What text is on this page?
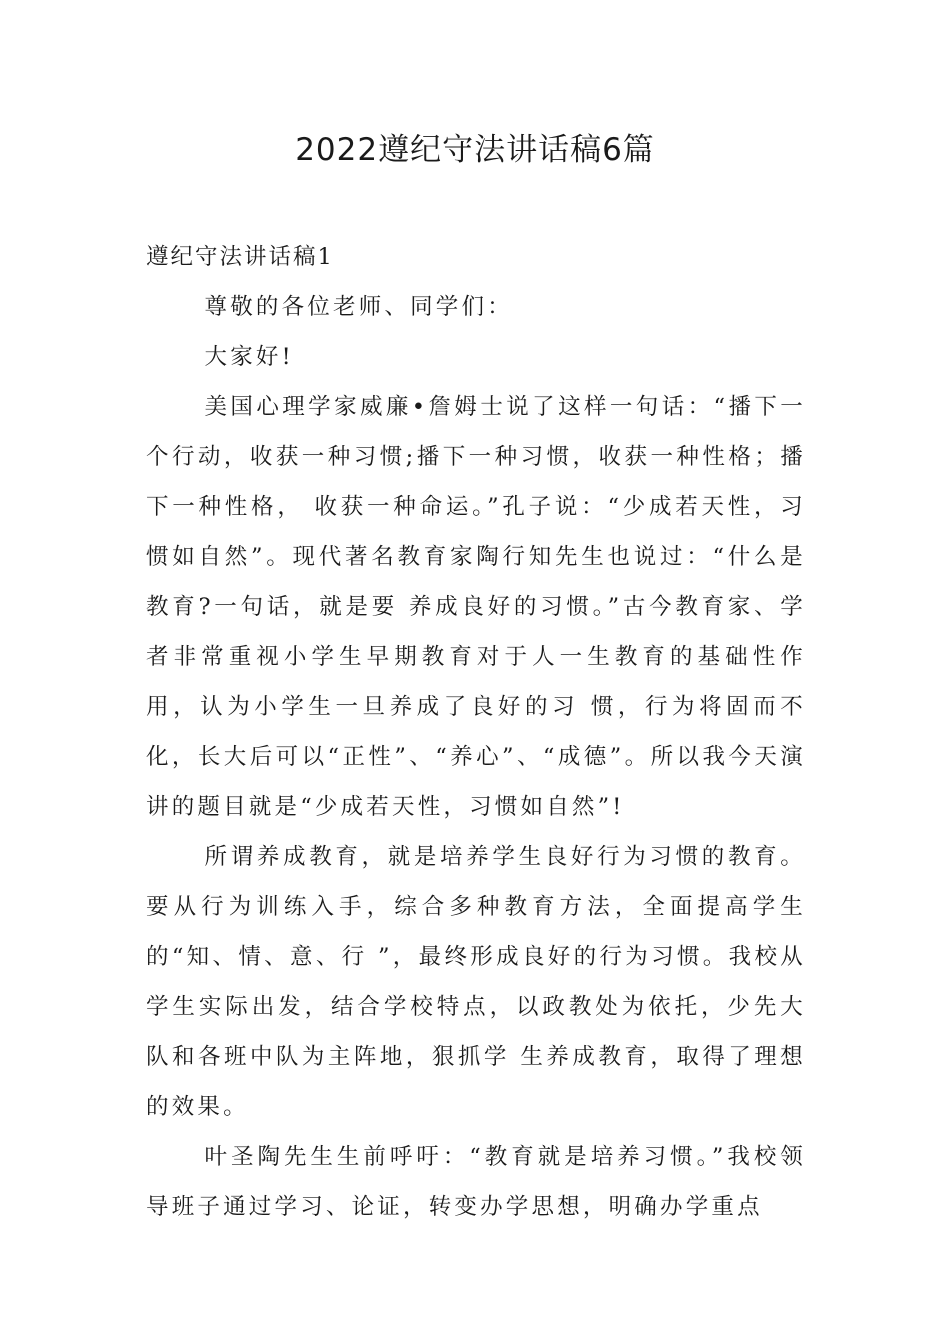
2022遵纪守法讲话稿6篇

遵纪守法讲话稿1

尊敬的各位老师、同学们：

大家好!

美国心理学家威廉•詹姆士说了这样一句话：“播下一个行动，收获一种习惯;播下一种习惯，收获一种性格；播下一种性格， 收获一种命运。”孔子说：“少成若天性，习惯如自然”。现代著名教育家陶行知先生也说过：“什么是教育?一句话，就是要 养成良好的习惯。”古今教育家、学者非常重视小学生早期教育对于人一生教育的基础性作用，认为小学生一旦养成了良好的习 惯，行为将固而不化，长大后可以“正性”、“养心”、“成德”。所以我今天演讲的题目就是“少成若天性，习惯如自然”!

所谓养成教育，就是培养学生良好行为习惯的教育。要从行为训练入手，综合多种教育方法，全面提高学生的“知、情、意、行 ”，最终形成良好的行为习惯。我校从学生实际出发，结合学校特点，以政教处为依托，少先大队和各班中队为主阵地，狠抓学 生养成教育，取得了理想的效果。

叶圣陶先生生前呼吁：“教育就是培养习惯。”我校领导班子通过学习、论证，转变办学思想，明确办学重点
